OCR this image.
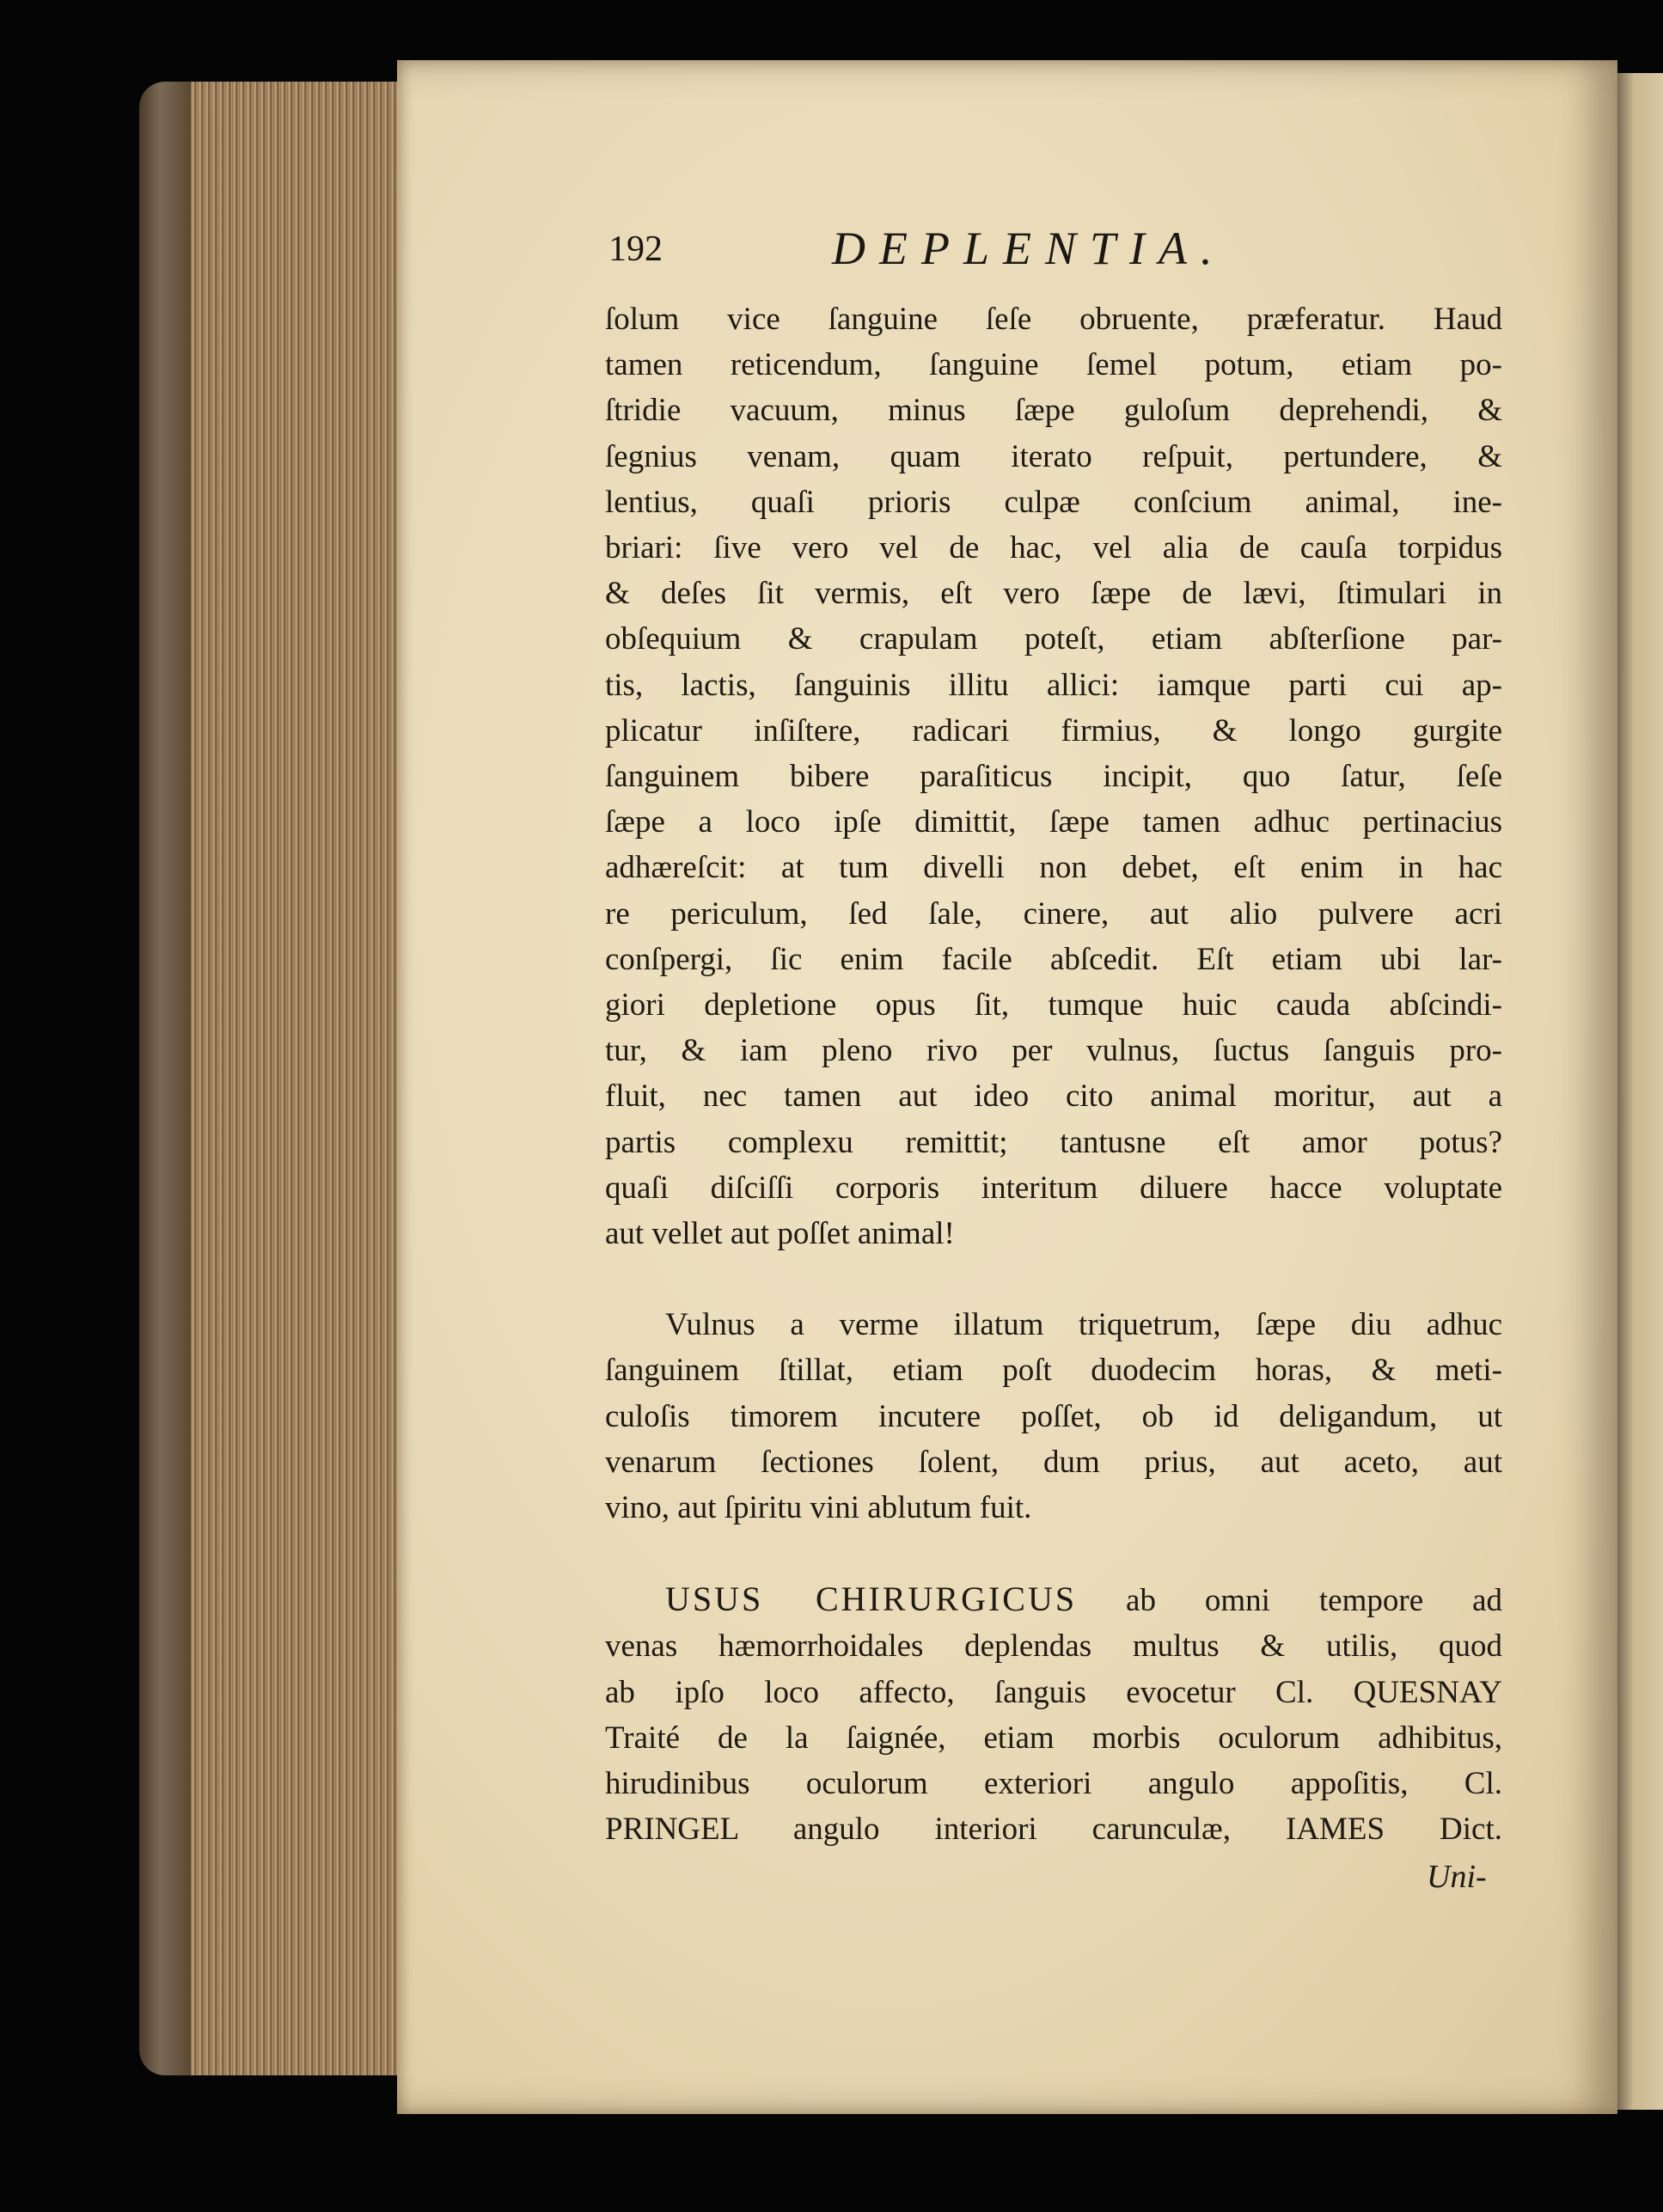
192	DEPLENTIA.
ſolum vice ſanguine ſeſe obruente, præferatur. Haud
tamen reticendum, ſanguine ſemel potum, etiam po-
ſtridie vacuum, minus ſæpe guloſum deprehendi, &
ſegnius venam, quam iterato reſpuit, pertundere, &
lentius, quaſi prioris culpæ conſcium animal, ine-
briari: ſive vero vel de hac, vel alia de cauſa torpidus
& deſes ſit vermis, eſt vero ſæpe de lævi, ſtimulari in
obſequium & crapulam poteſt, etiam abſterſione par-
tis, lactis, ſanguinis illitu allici: iamque parti cui ap-
plicatur inſiſtere, radicari firmius, & longo gurgite
ſanguinem bibere paraſiticus incipit, quo ſatur, ſeſe
ſæpe a loco ipſe dimittit, ſæpe tamen adhuc pertinacius
adhæreſcit: at tum divelli non debet, eſt enim in hac
re periculum, ſed ſale, cinere, aut alio pulvere acri
conſpergi, ſic enim facile abſcedit. Eſt etiam ubi lar-
giori depletione opus ſit, tumque huic cauda abſcindi-
tur, & iam pleno rivo per vulnus, ſuctus ſanguis pro-
fluit, nec tamen aut ideo cito animal moritur, aut a
partis complexu remittit; tantusne eſt amor potus?
quaſi diſciſſi corporis interitum diluere hacce voluptate
aut vellet aut poſſet animal!
Vulnus a verme illatum triquetrum, ſæpe diu adhuc
ſanguinem ſtillat, etiam poſt duodecim horas, & meti-
culoſis timorem incutere poſſet, ob id deligandum, ut
venarum ſectiones ſolent, dum prius, aut aceto, aut
vino, aut ſpiritu vini ablutum fuit.
USUS CHIRURGICUS ab omni tempore ad
venas hæmorrhoidales deplendas multus & utilis, quod
ab ipſo loco affecto, ſanguis evocetur Cl. QUESNAY
Traité de la ſaignée, etiam morbis oculorum adhibitus,
hirudinibus oculorum exteriori angulo appoſitis, Cl.
PRINGEL angulo interiori carunculæ, IAMES Dict.
Uni-
